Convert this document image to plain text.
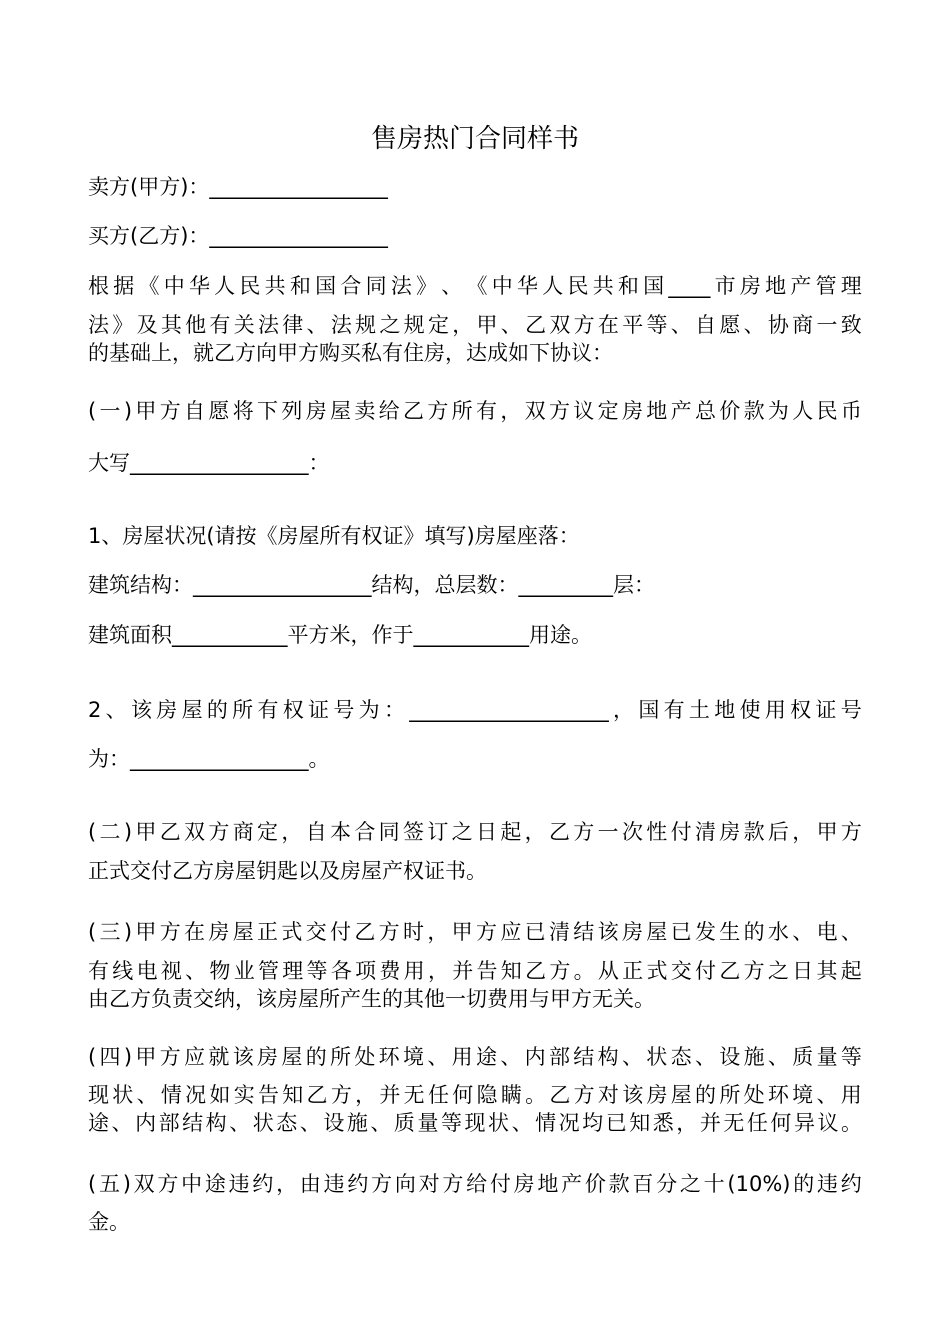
售房热门合同样书
卖方(甲方)：_________________
买方(乙方)：_________________
根 据 《 中 华 人 民 共 和 国 合 同 法 》 、 《 中 华 人 民 共 和 国 ____ 市 房 地 产 管 理
法 》 及 其 他 有 关 法 律 、 法 规 之 规 定 ， 甲 、 乙 双 方 在 平 等 、 自 愿 、 协 商 一 致
的基础上，就乙方向甲方购买私有住房，达成如下协议：
( 一 ) 甲 方 自 愿 将 下 列 房 屋 卖 给 乙 方 所 有 ， 双 方 议 定 房 地 产 总 价 款 为 人 民 币
大写_________________：
1、房屋状况(请按《房屋所有权证》填写)房屋座落：
建筑结构：_________________结构，总层数：_________层：
建筑面积___________平方米，作于___________用途。
2 、 该 房 屋 的 所 有 权 证 号 为 ： ___________________ ， 国 有 土 地 使 用 权 证 号
为：_________________。
( 二 ) 甲 乙 双 方 商 定 ， 自 本 合 同 签 订 之 日 起 ， 乙 方 一 次 性 付 清 房 款 后 ， 甲 方
正式交付乙方房屋钥匙以及房屋产权证书。
( 三 ) 甲 方 在 房 屋 正 式 交 付 乙 方 时 ， 甲 方 应 已 清 结 该 房 屋 已 发 生 的 水 、 电 、
有 线 电 视 、 物 业 管 理 等 各 项 费 用 ， 并 告 知 乙 方 。 从 正 式 交 付 乙 方 之 日 其 起
由乙方负责交纳，该房屋所产生的其他一切费用与甲方无关。
( 四 ) 甲 方 应 就 该 房 屋 的 所 处 环 境 、 用 途 、 内 部 结 构 、 状 态 、 设 施 、 质 量 等
现 状 、 情 况 如 实 告 知 乙 方 ， 并 无 任 何 隐 瞒 。 乙 方 对 该 房 屋 的 所 处 环 境 、 用
途 、 内 部 结 构 、 状 态 、 设 施 、 质 量 等 现 状 、 情 况 均 已 知 悉 ， 并 无 任 何 异 议 。
( 五 ) 双 方 中 途 违 约 ， 由 违 约 方 向 对 方 给 付 房 地 产 价 款 百 分 之 十 (10%) 的 违 约
金。
